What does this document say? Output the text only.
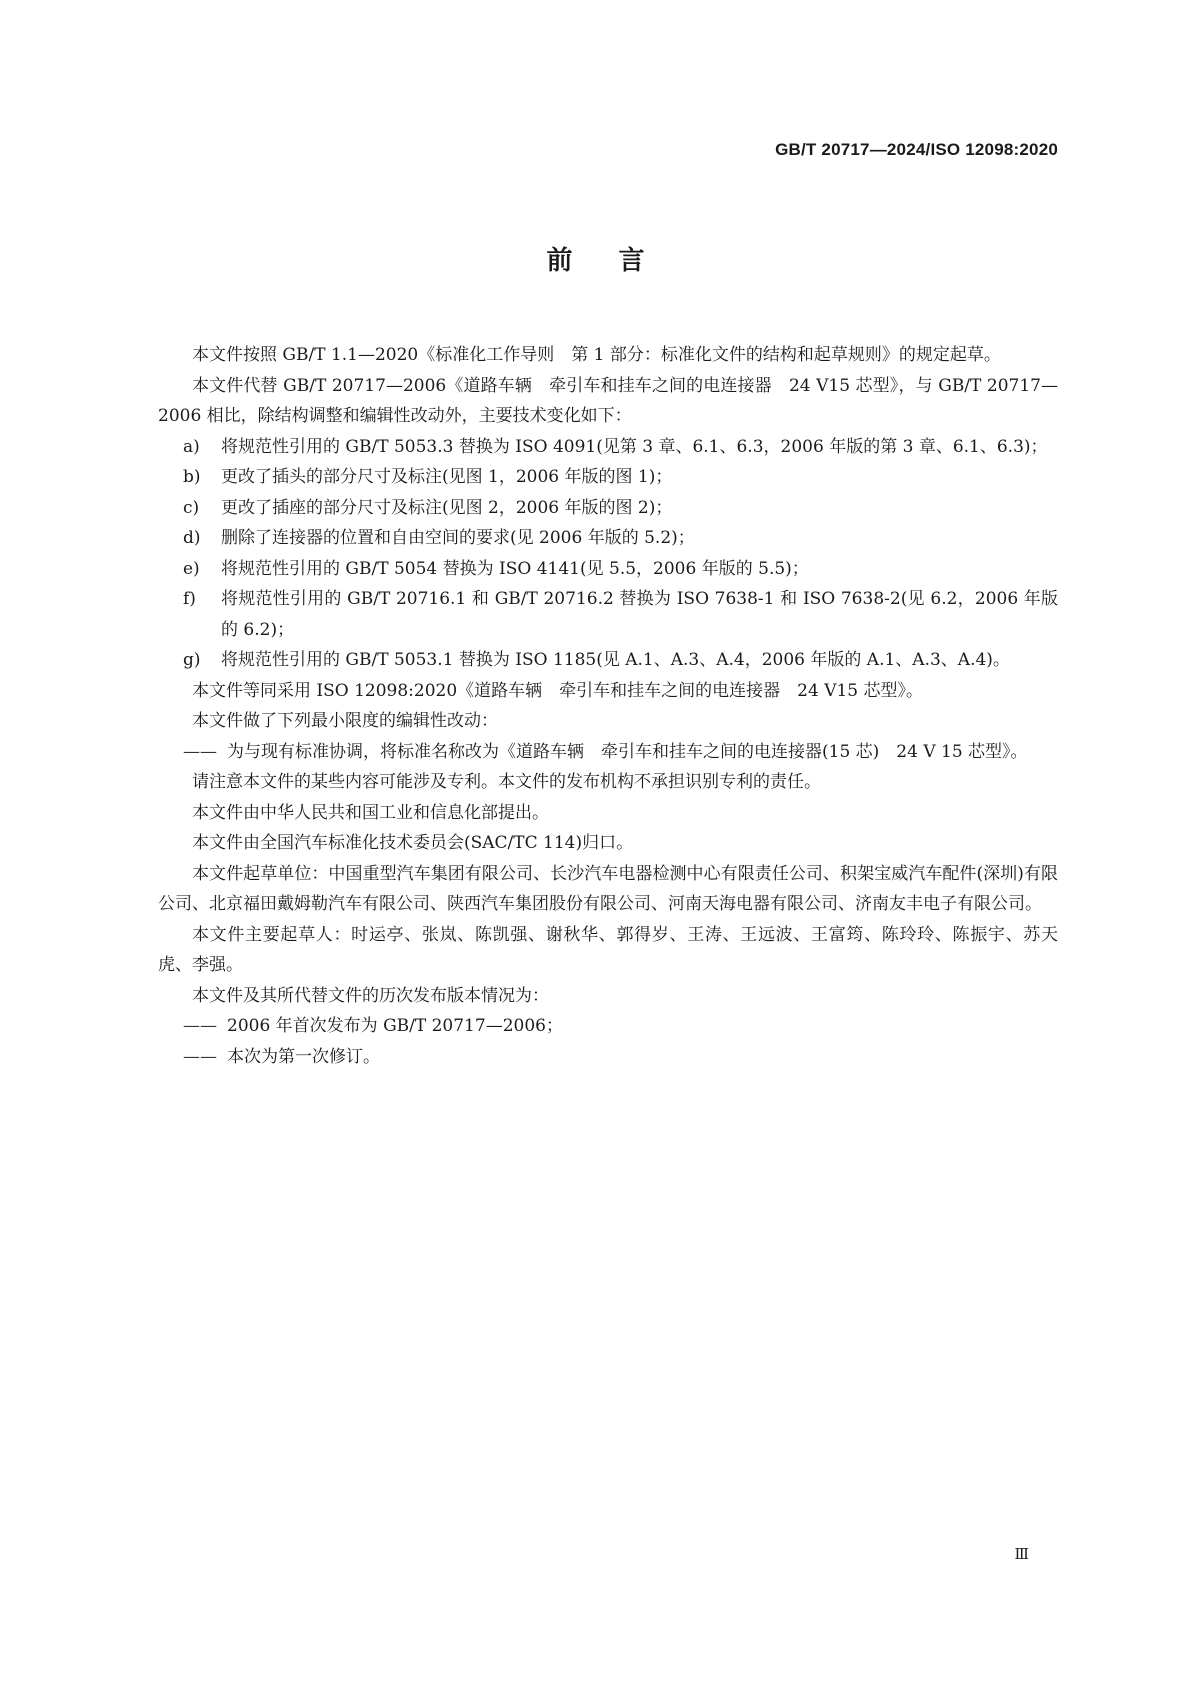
GB/T 20717—2024/ISO 12098:2020
前言

本文件按照 GB/T 1.1—2020《标准化工作导则　第 1 部分：标准化文件的结构和起草规则》的规定起草。

本文件代替 GB/T 20717—2006《道路车辆　牵引车和挂车之间的电连接器　24 V15 芯型》，与 GB/T 20717—2006 相比，除结构调整和编辑性改动外，主要技术变化如下：

a)	将规范性引用的 GB/T 5053.3 替换为 ISO 4091(见第 3 章、6.1、6.3，2006 年版的第 3 章、6.1、6.3)；
b)	更改了插头的部分尺寸及标注(见图 1，2006 年版的图 1)；
c)	更改了插座的部分尺寸及标注(见图 2，2006 年版的图 2)；
d)	删除了连接器的位置和自由空间的要求(见 2006 年版的 5.2)；
e)	将规范性引用的 GB/T 5054 替换为 ISO 4141(见 5.5，2006 年版的 5.5)；
f)	将规范性引用的 GB/T 20716.1 和 GB/T 20716.2 替换为 ISO 7638-1 和 ISO 7638-2(见 6.2，2006 年版的 6.2)；
g)	将规范性引用的 GB/T 5053.1 替换为 ISO 1185(见 A.1、A.3、A.4，2006 年版的 A.1、A.3、A.4)。

本文件等同采用 ISO 12098:2020《道路车辆　牵引车和挂车之间的电连接器　24 V15 芯型》。

本文件做了下列最小限度的编辑性改动：

—— 为与现有标准协调，将标准名称改为《道路车辆　牵引车和挂车之间的电连接器(15 芯)　24 V 15 芯型》。

请注意本文件的某些内容可能涉及专利。本文件的发布机构不承担识别专利的责任。

本文件由中华人民共和国工业和信息化部提出。

本文件由全国汽车标准化技术委员会(SAC/TC 114)归口。

本文件起草单位：中国重型汽车集团有限公司、长沙汽车电器检测中心有限责任公司、积架宝威汽车配件(深圳)有限公司、北京福田戴姆勒汽车有限公司、陕西汽车集团股份有限公司、河南天海电器有限公司、济南友丰电子有限公司。

本文件主要起草人：时运亭、张岚、陈凯强、谢秋华、郭得岁、王涛、王远波、王富筠、陈玲玲、陈振宇、苏天虎、李强。

本文件及其所代替文件的历次发布版本情况为：

—— 2006 年首次发布为 GB/T 20717—2006；
—— 本次为第一次修订。
Ⅲ
